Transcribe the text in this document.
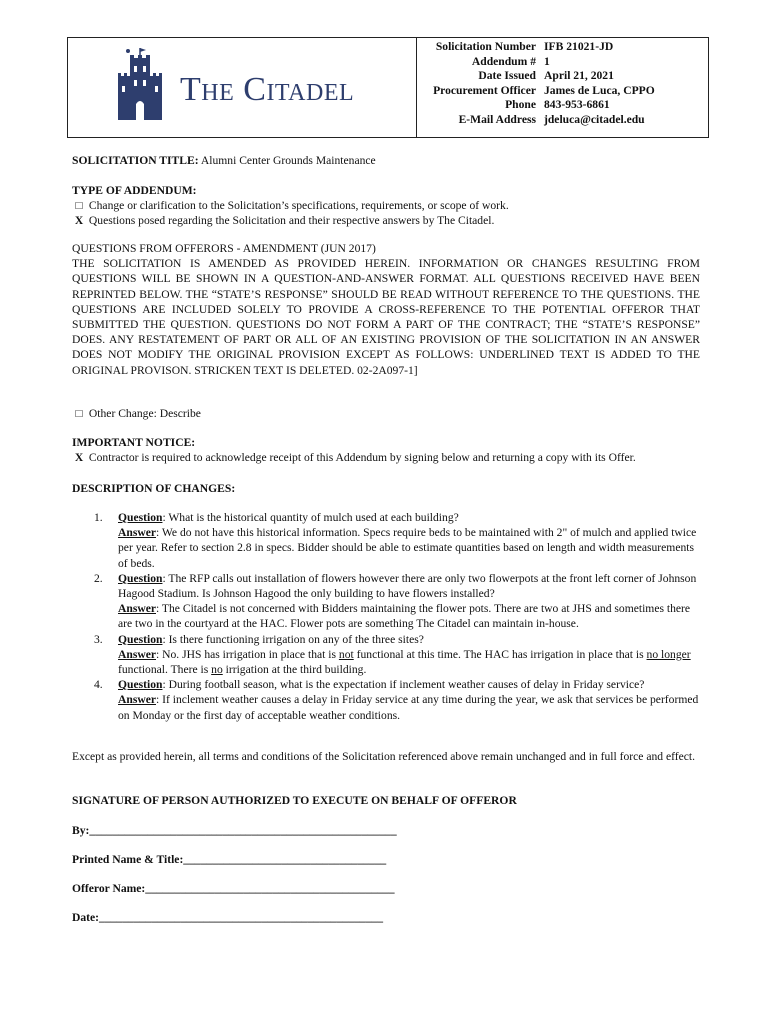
The Citadel
Solicitation Number IFB 21021-JD
Addendum # 1
Date Issued April 21, 2021
Procurement Officer James de Luca, CPPO
Phone 843-953-6861
E-Mail Address jdeluca@citadel.edu
SOLICITATION TITLE: Alumni Center Grounds Maintenance
TYPE OF ADDENDUM:
□ Change or clarification to the Solicitation’s specifications, requirements, or scope of work.
X Questions posed regarding the Solicitation and their respective answers by The Citadel.
QUESTIONS FROM OFFERORS - AMENDMENT (JUN 2017)
THE SOLICITATION IS AMENDED AS PROVIDED HEREIN. INFORMATION OR CHANGES RESULTING FROM QUESTIONS WILL BE SHOWN IN A QUESTION-AND-ANSWER FORMAT. ALL QUESTIONS RECEIVED HAVE BEEN REPRINTED BELOW. THE “STATE’S RESPONSE” SHOULD BE READ WITHOUT REFERENCE TO THE QUESTIONS. THE QUESTIONS ARE INCLUDED SOLELY TO PROVIDE A CROSS-REFERENCE TO THE POTENTIAL OFFEROR THAT SUBMITTED THE QUESTION. QUESTIONS DO NOT FORM A PART OF THE CONTRACT; THE “STATE’S RESPONSE” DOES. ANY RESTATEMENT OF PART OR ALL OF AN EXISTING PROVISION OF THE SOLICITATION IN AN ANSWER DOES NOT MODIFY THE ORIGINAL PROVISION EXCEPT AS FOLLOWS: UNDERLINED TEXT IS ADDED TO THE ORIGINAL PROVISON. STRICKEN TEXT IS DELETED. 02-2A097-1]
□ Other Change: Describe
IMPORTANT NOTICE:
X Contractor is required to acknowledge receipt of this Addendum by signing below and returning a copy with its Offer.
DESCRIPTION OF CHANGES:
1. Question: What is the historical quantity of mulch used at each building?
Answer: We do not have this historical information. Specs require beds to be maintained with 2" of mulch and applied twice per year. Refer to section 2.8 in specs. Bidder should be able to estimate quantities based on length and width measurements of beds.
2. Question: The RFP calls out installation of flowers however there are only two flowerpots at the front left corner of Johnson Hagood Stadium. Is Johnson Hagood the only building to have flowers installed?
Answer: The Citadel is not concerned with Bidders maintaining the flower pots. There are two at JHS and sometimes there are two in the courtyard at the HAC. Flower pots are something The Citadel can maintain in-house.
3. Question: Is there functioning irrigation on any of the three sites?
Answer: No. JHS has irrigation in place that is not functional at this time. The HAC has irrigation in place that is no longer functional. There is no irrigation at the third building.
4. Question: During football season, what is the expectation if inclement weather causes of delay in Friday service?
Answer: If inclement weather causes a delay in Friday service at any time during the year, we ask that services be performed on Monday or the first day of acceptable weather conditions.
Except as provided herein, all terms and conditions of the Solicitation referenced above remain unchanged and in full force and effect.
SIGNATURE OF PERSON AUTHORIZED TO EXECUTE ON BEHALF OF OFFEROR
By:_____________________________________________________
Printed Name & Title:___________________________________
Offeror Name:___________________________________________
Date:_________________________________________________
